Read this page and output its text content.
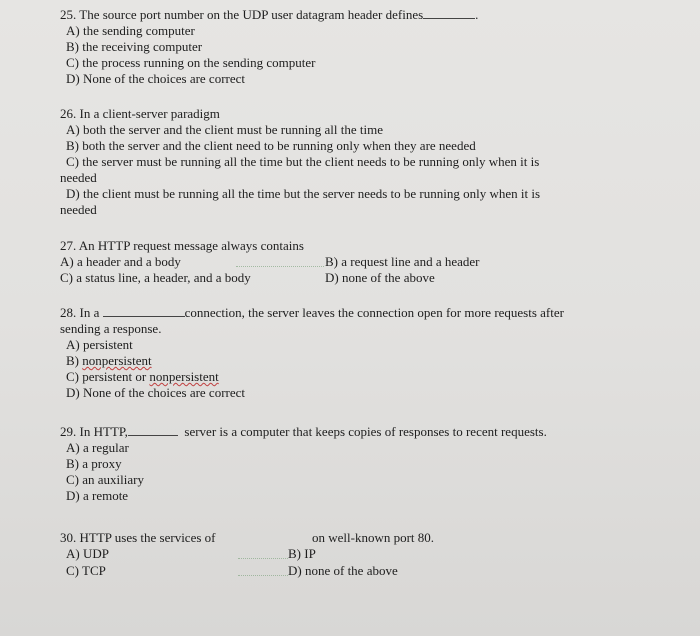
25. The source port number on the UDP user datagram header defines	.
A) the sending computer
B) the receiving computer
C) the process running on the sending computer
D) None of the choices are correct
26. In a client-server paradigm
A) both the server and the client must be running all the time
B) both the server and the client need to be running only when they are needed
C) the server must be running all the time but the client needs to be running only when it is
needed
D) the client must be running all the time but the server needs to be running only when it is
needed
27. An HTTP request message always contains
A) a header and a body	B) a request line and a header
C) a status line, a header, and a body	D) none of the above
28. In a	connection, the server leaves the connection open for more requests after
sending a response.
A) persistent
B) nonpersistent
C) persistent or nonpersistent
D) None of the choices are correct
29. In HTTP,	server is a computer that keeps copies of responses to recent requests.
A) a regular
B) a proxy
C) an auxiliary
D) a remote
30. HTTP uses the services of	on well-known port 80.
A) UDP	B) IP
C) TCP	D) none of the above
